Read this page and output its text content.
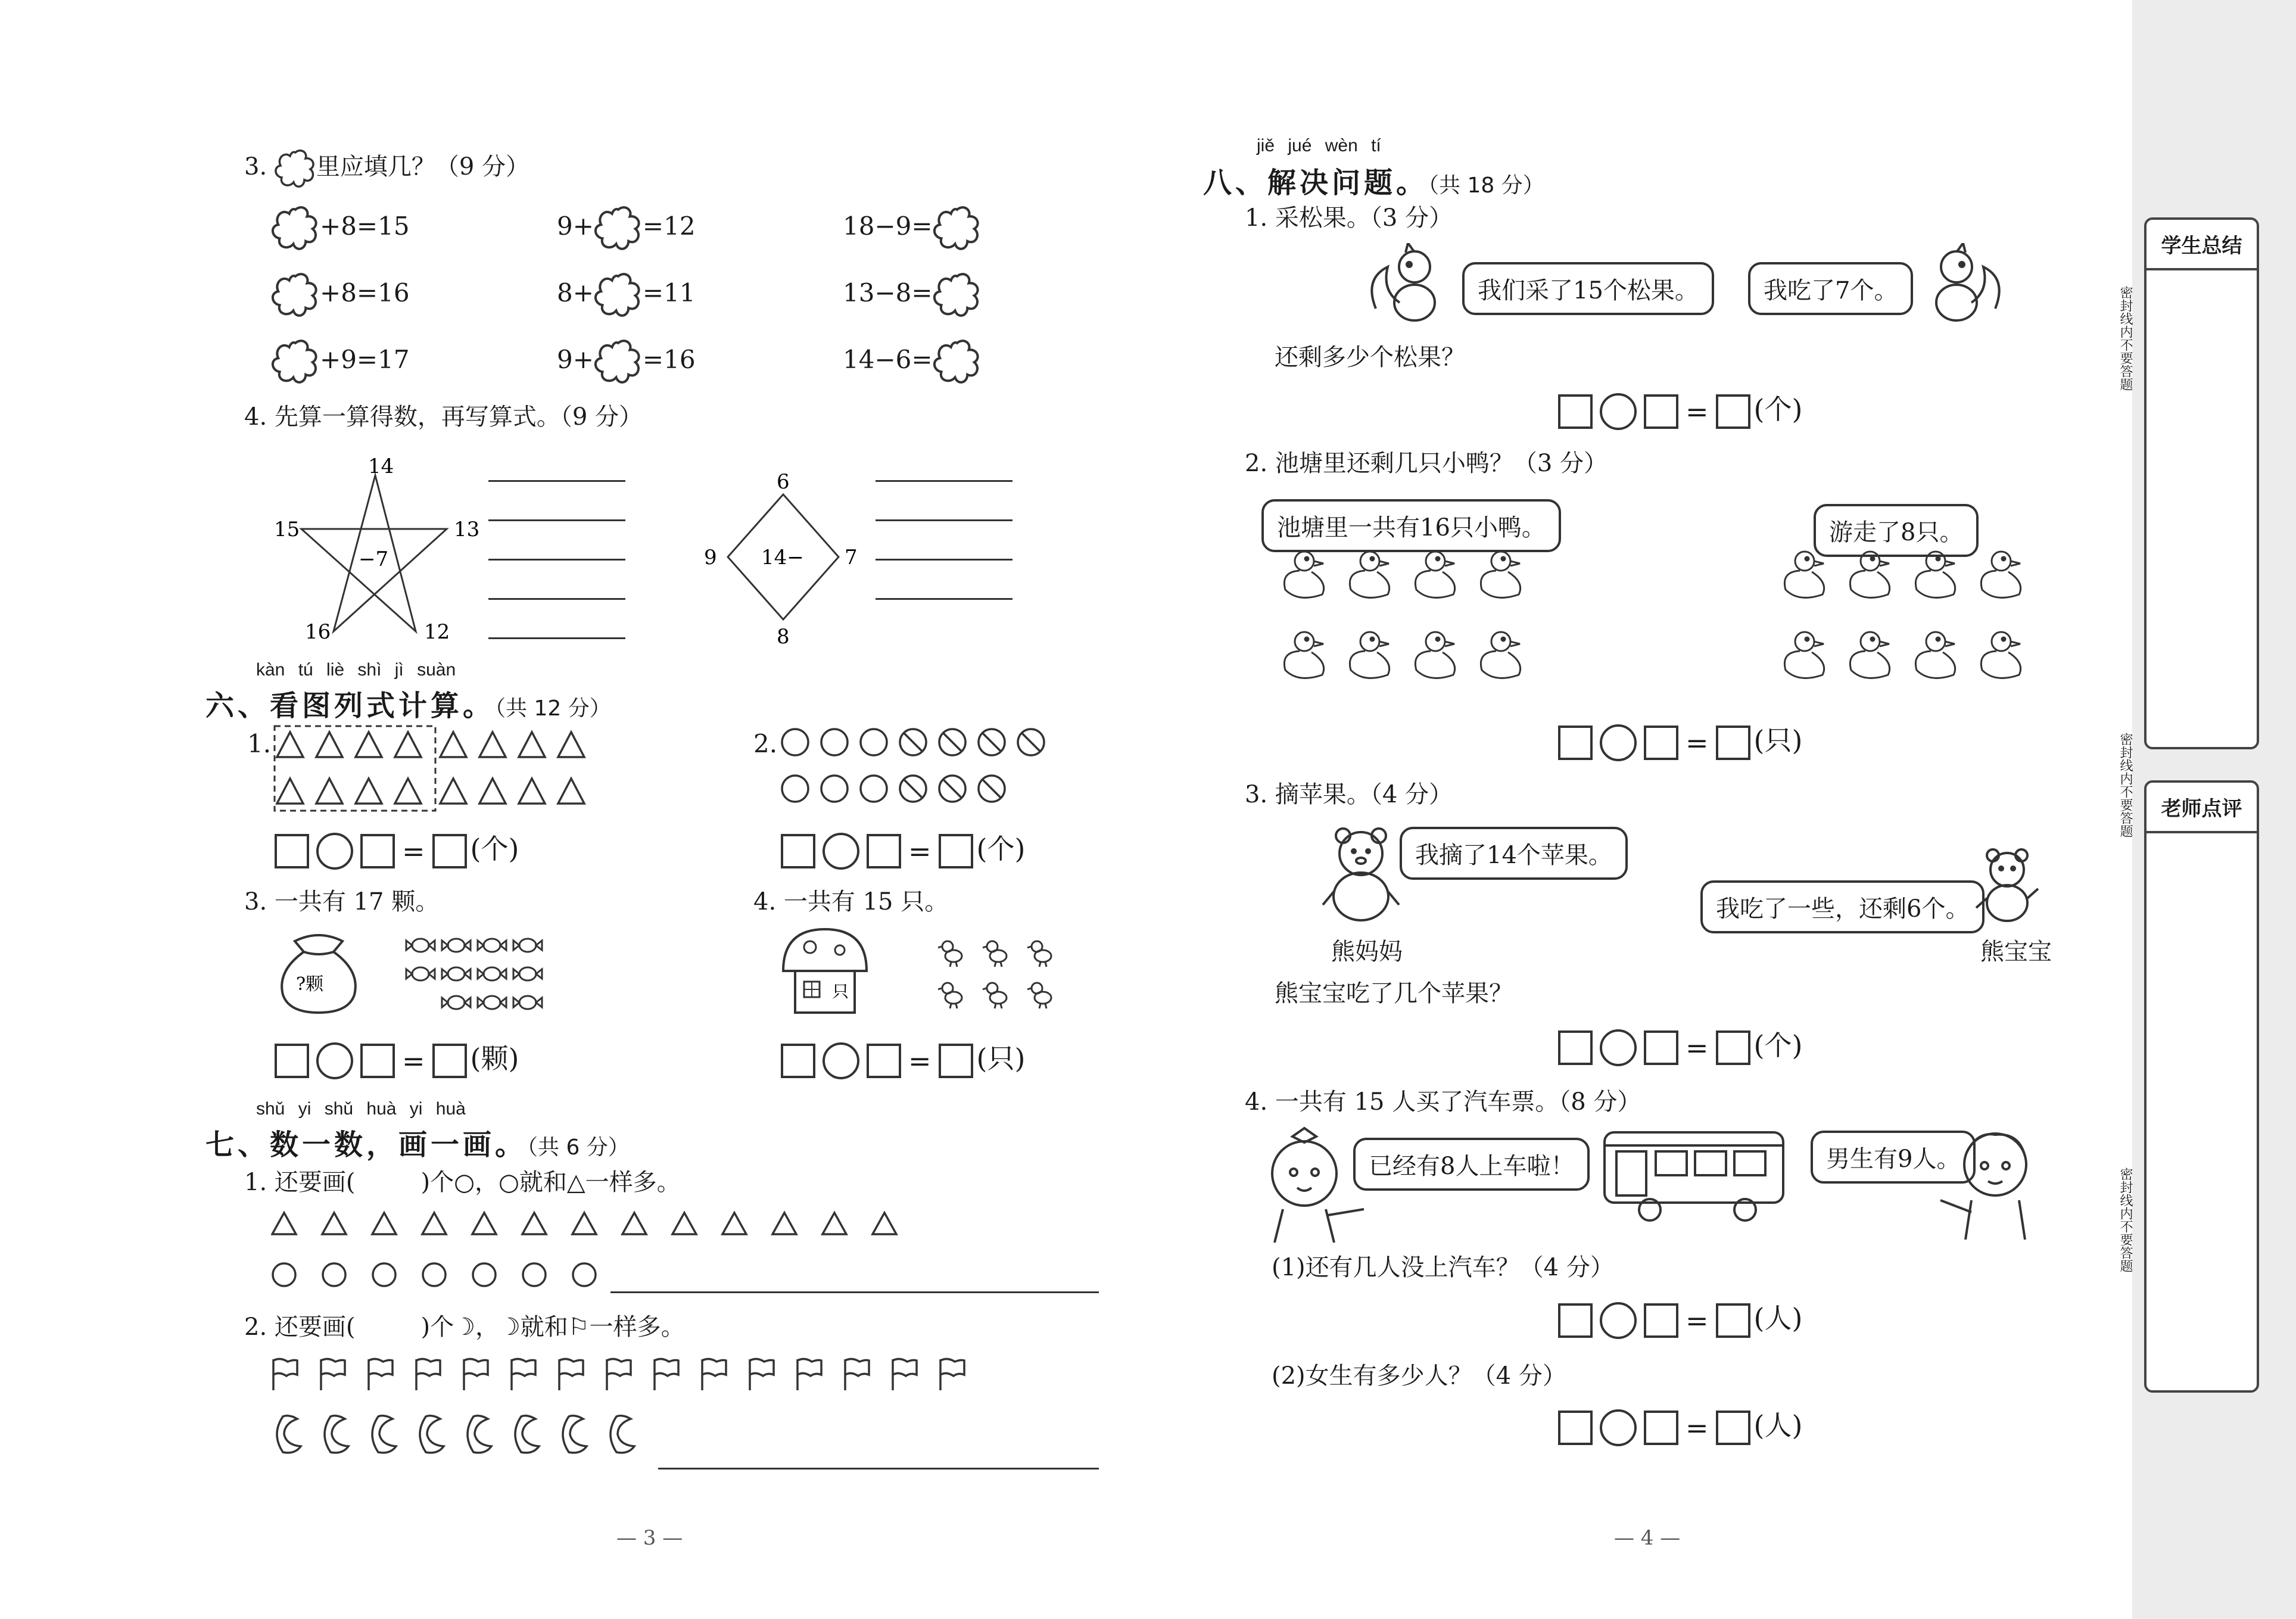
3. 里应填几？（9 分）
+8=15	9+ =12	18−9=
+8=16	8+ =11	13−8=
+9=17	9+ =16	14−6=
4. 先算一算得数，再写算式。（9 分）
14
15	13
16	12
−7
6
9	7
8
14−
kàn tú liè shì jì suàn
六、看图列式计算。（共 12 分）
1.	2.
= (个)	= (个)
3. 一共有 17 颗。	4. 一共有 15 只。
?颗	只
= (颗)	= (只)
shǔ yi shǔ huà yi huà
七、数一数，画一画。（共 6 分）
1. 还要画(	)个○，○就和△一样多。
2. 还要画(	)个☽，☽就和⚐一样多。
— 3 —
jiě jué wèn tí
八、解决问题。（共 18 分）
1. 采松果。（3 分）
我们采了15个松果。	我吃了7个。
还剩多少个松果？
= (个)
2. 池塘里还剩几只小鸭？（3 分）
池塘里一共有16只小鸭。	游走了8只。
= (只)
3. 摘苹果。（4 分）
我摘了14个苹果。
我吃了一些，还剩6个。
熊妈妈	熊宝宝
熊宝宝吃了几个苹果？
= (个)
4. 一共有 15 人买了汽车票。（8 分）
已经有8人上车啦！	男生有9人。
(1)还有几人没上汽车？（4 分）
= (人)
(2)女生有多少人？（4 分）
= (人)
— 4 —
密封线内不要答题
密封线内不要答题
密封线内不要答题
学生总结
老师点评
